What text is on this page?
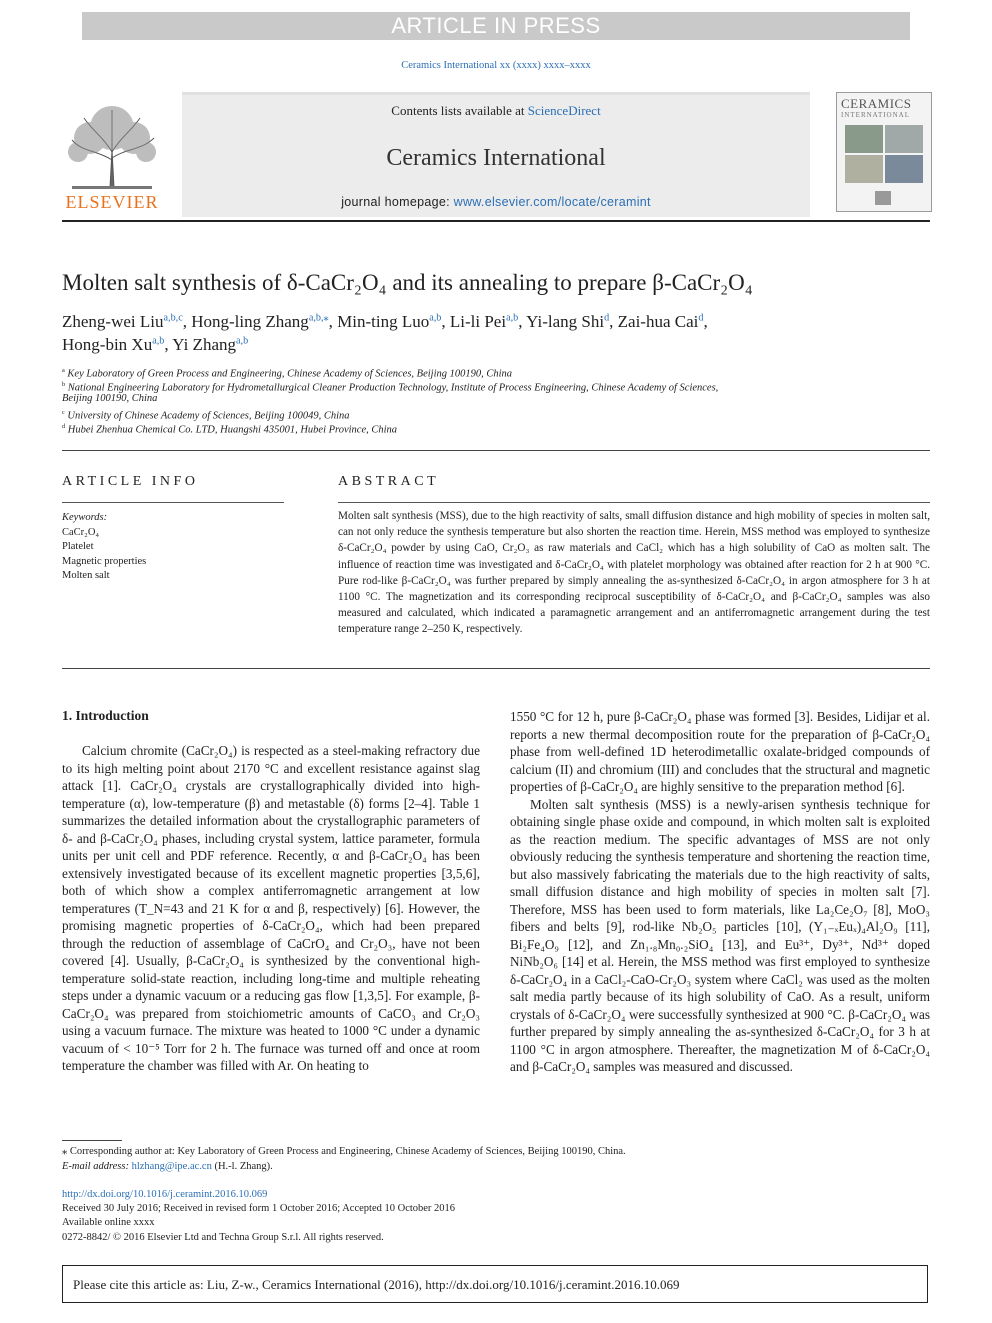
ARTICLE IN PRESS
Ceramics International xx (xxxx) xxxx–xxxx
ELSEVIER
Contents lists available at ScienceDirect
Ceramics International
journal homepage: www.elsevier.com/locate/ceramint
CERAMICS
INTERNATIONAL
Molten salt synthesis of δ-CaCr₂O₄ and its annealing to prepare β-CaCr₂O₄
Zheng-wei Liu$^{a,b,c}$, Hong-ling Zhang$^{a,b,⁎}$, Min-ting Luo$^{a,b}$, Li-li Pei$^{a,b}$, Yi-lang Shi$^d$, Zai-hua Cai$^d$,
Hong-bin Xu$^{a,b}$, Yi Zhang$^{a,b}$
$^a$ Key Laboratory of Green Process and Engineering, Chinese Academy of Sciences, Beijing 100190, China
$^b$ National Engineering Laboratory for Hydrometallurgical Cleaner Production Technology, Institute of Process Engineering, Chinese Academy of Sciences,
Beijing 100190, China
$^c$ University of Chinese Academy of Sciences, Beijing 100049, China
$^d$ Hubei Zhenhua Chemical Co. LTD, Huangshi 435001, Hubei Province, China
ARTICLE INFO	ABSTRACT
Keywords:
CaCr₂O₄
Platelet
Magnetic properties
Molten salt
Molten salt synthesis (MSS), due to the high reactivity of salts, small diffusion distance and high mobility of species in molten salt, can not only reduce the synthesis temperature but also shorten the reaction time. Herein, MSS method was employed to synthesize δ-CaCr₂O₄ powder by using CaO, Cr₂O₃ as raw materials and CaCl₂ which has a high solubility of CaO as molten salt. The influence of reaction time was investigated and δ-CaCr₂O₄ with platelet morphology was obtained after reaction for 2 h at 900 °C. Pure rod-like β-CaCr₂O₄ was further prepared by simply annealing the as-synthesized δ-CaCr₂O₄ in argon atmosphere for 3 h at 1100 °C. The magnetization and its corresponding reciprocal susceptibility of δ-CaCr₂O₄ and β-CaCr₂O₄ samples was also measured and calculated, which indicated a paramagnetic arrangement and an antiferromagnetic arrangement during the test temperature range 2–250 K, respectively.
1. Introduction

Calcium chromite (CaCr₂O₄) is respected as a steel-making refractory due to its high melting point about 2170 °C and excellent resistance against slag attack [1]. CaCr₂O₄ crystals are crystallographically divided into high-temperature (α), low-temperature (β) and metastable (δ) forms [2–4]. Table 1 summarizes the detailed information about the crystallographic parameters of δ- and β-CaCr₂O₄ phases, including crystal system, lattice parameter, formula units per unit cell and PDF reference. Recently, α and β-CaCr₂O₄ has been extensively investigated because of its excellent magnetic properties [3,5,6], both of which show a complex antiferromagnetic arrangement at low temperatures (T_N=43 and 21 K for α and β, respectively) [6]. However, the promising magnetic properties of δ-CaCr₂O₄, which had been prepared through the reduction of assemblage of CaCrO₄ and Cr₂O₃, have not been covered [4]. Usually, β-CaCr₂O₄ is synthesized by the conventional high-temperature solid-state reaction, including long-time and multiple reheating steps under a dynamic vacuum or a reducing gas flow [1,3,5]. For example, β-CaCr₂O₄ was prepared from stoichiometric amounts of CaCO₃ and Cr₂O₃ using a vacuum furnace. The mixture was heated to 1000 °C under a dynamic vacuum of < 10⁻⁵ Torr for 2 h. The furnace was turned off and once at room temperature the chamber was filled with Ar. On heating to

1550 °C for 12 h, pure β-CaCr₂O₄ phase was formed [3]. Besides, Lidijar et al. reports a new thermal decomposition route for the preparation of β-CaCr₂O₄ phase from well-defined 1D heterodimetallic oxalate-bridged compounds of calcium (II) and chromium (III) and concludes that the structural and magnetic properties of β-CaCr₂O₄ are highly sensitive to the preparation method [6].

Molten salt synthesis (MSS) is a newly-arisen synthesis technique for obtaining single phase oxide and compound, in which molten salt is exploited as the reaction medium. The specific advantages of MSS are not only obviously reducing the synthesis temperature and shortening the reaction time, but also massively fabricating the materials due to the high reactivity of salts, small diffusion distance and high mobility of species in molten salt [7]. Therefore, MSS has been used to form materials, like La₂Ce₂O₇ [8], MoO₃ fibers and belts [9], rod-like Nb₂O₅ particles [10], (Y₁₋ₓEuₓ)₄Al₂O₉ [11], Bi₂Fe₄O₉ [12], and Zn₁.₈Mn₀.₂SiO₄ [13], and Eu³⁺, Dy³⁺, Nd³⁺ doped NiNb₂O₆ [14] et al. Herein, the MSS method was first employed to synthesize δ-CaCr₂O₄ in a CaCl₂-CaO-Cr₂O₃ system where CaCl₂ was used as the molten salt media partly because of its high solubility of CaO. As a result, uniform crystals of δ-CaCr₂O₄ were successfully synthesized at 900 °C. β-CaCr₂O₄ was further prepared by simply annealing the as-synthesized δ-CaCr₂O₄ for 3 h at 1100 °C in argon atmosphere. Thereafter, the magnetization M of δ-CaCr₂O₄ and β-CaCr₂O₄ samples was measured and discussed.

⁎ Corresponding author at: Key Laboratory of Green Process and Engineering, Chinese Academy of Sciences, Beijing 100190, China.
E-mail address: hlzhang@ipe.ac.cn (H.-l. Zhang).
http://dx.doi.org/10.1016/j.ceramint.2016.10.069
Received 30 July 2016; Received in revised form 1 October 2016; Accepted 10 October 2016
Available online xxxx
0272-8842/ © 2016 Elsevier Ltd and Techna Group S.r.l. All rights reserved.
Please cite this article as: Liu, Z-w., Ceramics International (2016), http://dx.doi.org/10.1016/j.ceramint.2016.10.069
